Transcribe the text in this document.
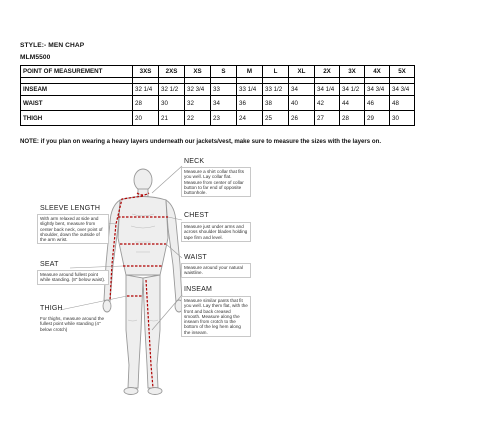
STYLE:- MEN CHAP
MLM5500
POINT OF MEASUREMENT	3XS	2XS	XS	S	M	L	XL	2X	3X	4X	5X

INSEAM	32 1/4	32 1/2	32 3/4	33	33 1/4	33 1/2	34	34 1/4	34 1/2	34 3/4	34 3/4
WAIST	28	30	32	34	36	38	40	42	44	46	48
THIGH	20	21	22	23	24	25	26	27	28	29	30
NOTE: if you plan on wearing a heavy layers underneath our jackets/vest, make sure to measure the sizes with the layers on.
NECK

Measure a shirt collar that fits you well. Lay collar flat. Measure from center of collar button to far end of opposite buttonhole.

CHEST

Measure just under arms and across shoulder blades holding tape firm and level.

WAIST

Measure around your natural waistline.

INSEAM

Measure similar pants that fit you well. Lay them flat, with the front and back creased smooth. Measure along the inseam from crotch to the bottom of the leg hem along the inseam.

SLEEVE LENGTH

With arm relaxed at side and slightly bent, measure from center back neck, over point of shoulder, down the outside of the arm wrist.

SEAT

Measure around fullest point while standing. (8" below waist).

THIGH

For thighs, measure around the fullest point while standing (4" below crotch)
